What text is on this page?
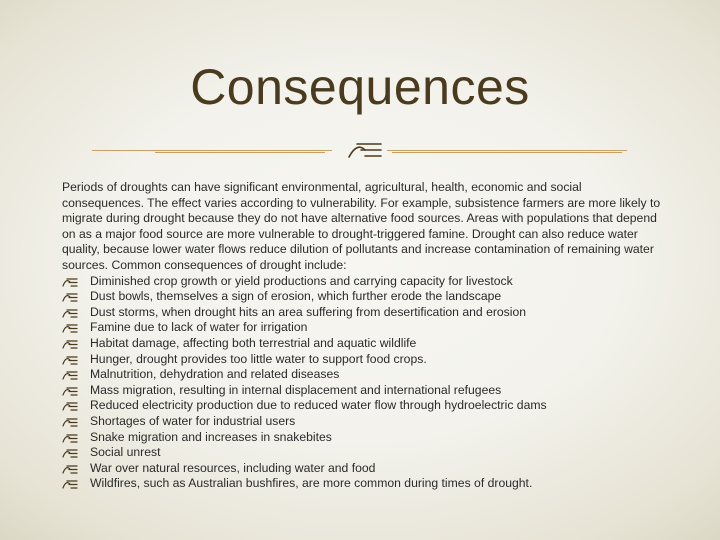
Consequences

Periods of droughts can have significant environmental, agricultural, health, economic and social consequences. The effect varies according to vulnerability. For example, subsistence farmers are more likely to migrate during drought because they do not have alternative food sources. Areas with populations that depend on as a major food source are more vulnerable to drought-triggered famine. Drought can also reduce water quality, because lower water flows reduce dilution of pollutants and increase contamination of remaining water sources. Common consequences of drought include:

Diminished crop growth or yield productions and carrying capacity for livestock
Dust bowls, themselves a sign of erosion, which further erode the landscape
Dust storms, when drought hits an area suffering from desertification and erosion
Famine due to lack of water for irrigation
Habitat damage, affecting both terrestrial and aquatic wildlife
Hunger, drought provides too little water to support food crops.
Malnutrition, dehydration and related diseases
Mass migration, resulting in internal displacement and international refugees
Reduced electricity production due to reduced water flow through hydroelectric dams
Shortages of water for industrial users
Snake migration and increases in snakebites
Social unrest
War over natural resources, including water and food
Wildfires, such as Australian bushfires, are more common during times of drought.
